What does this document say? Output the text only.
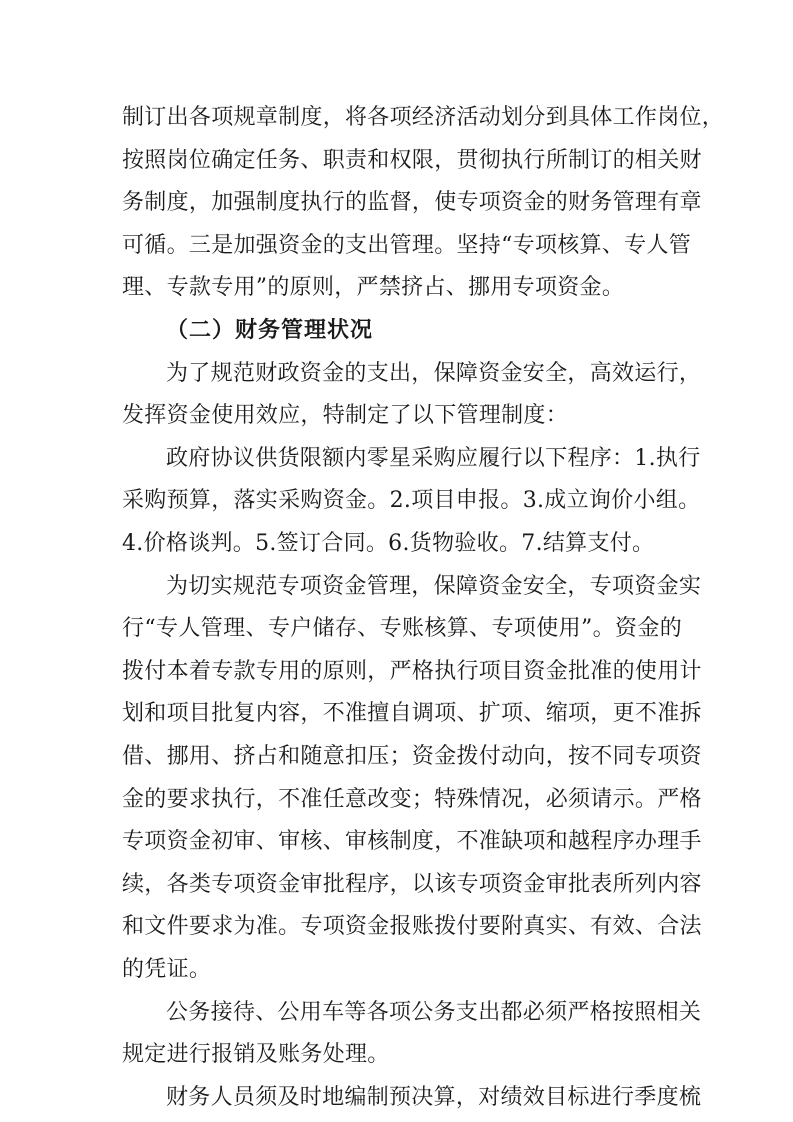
制订出各项规章制度，将各项经济活动划分到具体工作岗位，
按照岗位确定任务、职责和权限，贯彻执行所制订的相关财
务制度，加强制度执行的监督，使专项资金的财务管理有章
可循。三是加强资金的支出管理。坚持“专项核算、专人管
理、专款专用”的原则，严禁挤占、挪用专项资金。
（二）财务管理状况
为了规范财政资金的支出，保障资金安全，高效运行，
发挥资金使用效应，特制定了以下管理制度：
政府协议供货限额内零星采购应履行以下程序：1.执行
采购预算，落实采购资金。2.项目申报。3.成立询价小组。
4.价格谈判。5.签订合同。6.货物验收。7.结算支付。
为切实规范专项资金管理，保障资金安全，专项资金实
行“专人管理、专户储存、专账核算、专项使用”。资金的
拨付本着专款专用的原则，严格执行项目资金批准的使用计
划和项目批复内容，不准擅自调项、扩项、缩项，更不准拆
借、挪用、挤占和随意扣压；资金拨付动向，按不同专项资
金的要求执行，不准任意改变；特殊情况，必须请示。严格
专项资金初审、审核、审核制度，不准缺项和越程序办理手
续，各类专项资金审批程序，以该专项资金审批表所列内容
和文件要求为准。专项资金报账拨付要附真实、有效、合法
的凭证。
公务接待、公用车等各项公务支出都必须严格按照相关
规定进行报销及账务处理。
财务人员须及时地编制预决算，对绩效目标进行季度梳
